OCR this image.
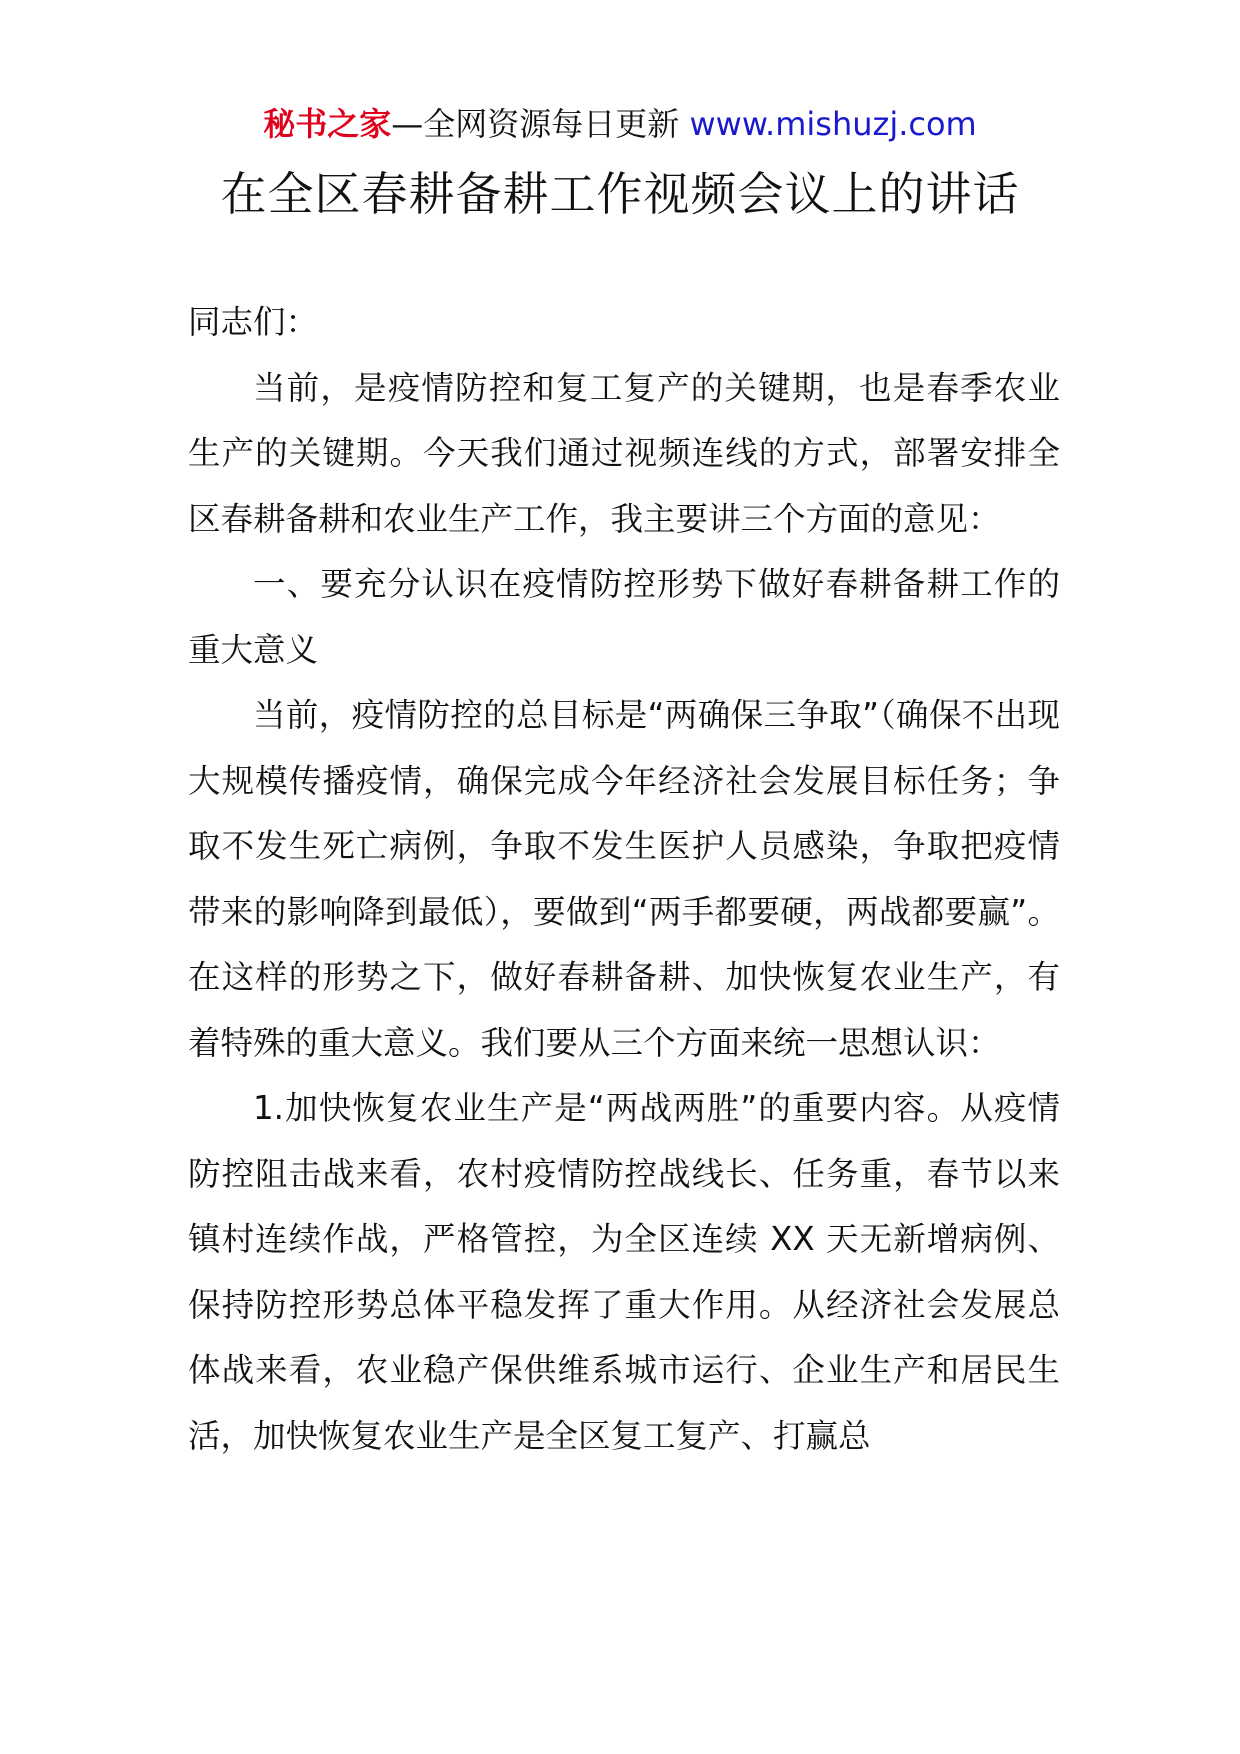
秘书之家—全网资源每日更新 www.mishuzj.com
在全区春耕备耕工作视频会议上的讲话

同志们：

当前，是疫情防控和复工复产的关键期，也是春季农业生产的关键期。今天我们通过视频连线的方式，部署安排全区春耕备耕和农业生产工作，我主要讲三个方面的意见：

一、要充分认识在疫情防控形势下做好春耕备耕工作的重大意义

当前，疫情防控的总目标是“两确保三争取”（确保不出现大规模传播疫情，确保完成今年经济社会发展目标任务；争取不发生死亡病例，争取不发生医护人员感染，争取把疫情带来的影响降到最低），要做到“两手都要硬，两战都要赢”。在这样的形势之下，做好春耕备耕、加快恢复农业生产，有着特殊的重大意义。我们要从三个方面来统一思想认识：

1.加快恢复农业生产是“两战两胜”的重要内容。从疫情防控阻击战来看，农村疫情防控战线长、任务重，春节以来镇村连续作战，严格管控，为全区连续 XX 天无新增病例、保持防控形势总体平稳发挥了重大作用。从经济社会发展总体战来看，农业稳产保供维系城市运行、企业生产和居民生活，加快恢复农业生产是全区复工复产、打赢总
